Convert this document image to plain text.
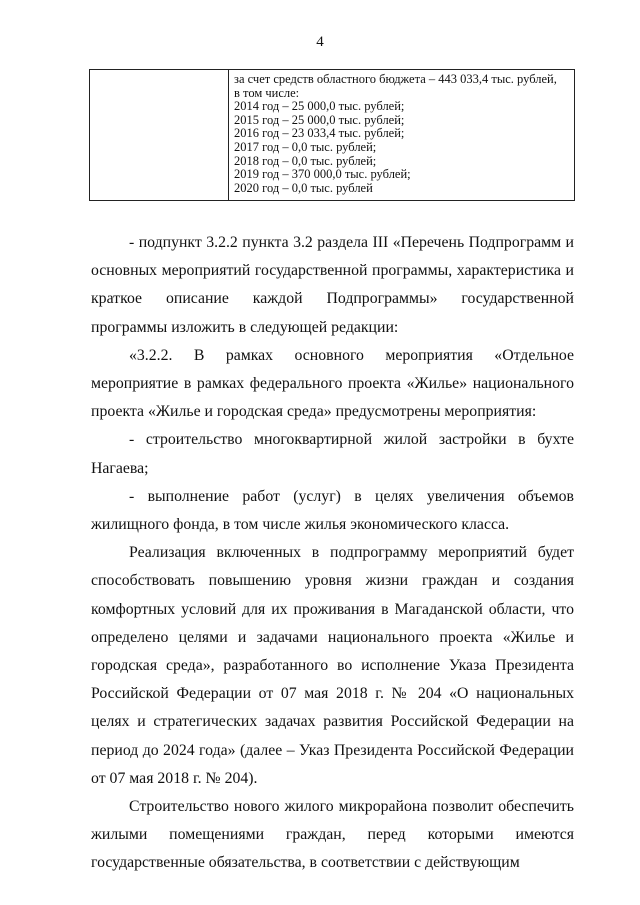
4
за счет средств областного бюджета – 443 033,4 тыс. рублей,
в том числе:
2014 год – 25 000,0 тыс. рублей;
2015 год – 25 000,0 тыс. рублей;
2016 год – 23 033,4 тыс. рублей;
2017 год – 0,0 тыс. рублей;
2018 год – 0,0 тыс. рублей;
2019 год – 370 000,0 тыс. рублей;
2020 год – 0,0 тыс. рублей

- подпункт 3.2.2 пункта 3.2 раздела III «Перечень Подпрограмм и основных мероприятий государственной программы, характеристика и краткое описание каждой Подпрограммы» государственной программы изложить в следующей редакции:

«3.2.2. В рамках основного мероприятия «Отдельное мероприятие в рамках федерального проекта «Жилье» национального проекта «Жилье и городская среда» предусмотрены мероприятия:

- строительство многоквартирной жилой застройки в бухте Нагаева;

- выполнение работ (услуг) в целях увеличения объемов жилищного фонда, в том числе жилья экономического класса.

Реализация включенных в подпрограмму мероприятий будет способствовать повышению уровня жизни граждан и создания комфортных условий для их проживания в Магаданской области, что определено целями и задачами национального проекта «Жилье и городская среда», разработанного во исполнение Указа Президента Российской Федерации от 07 мая 2018 г. № 204 «О национальных целях и стратегических задачах развития Российской Федерации на период до 2024 года» (далее – Указ Президента Российской Федерации от 07 мая 2018 г. № 204).

Строительство нового жилого микрорайона позволит обеспечить жилыми помещениями граждан, перед которыми имеются государственные обязательства, в соответствии с действующим
